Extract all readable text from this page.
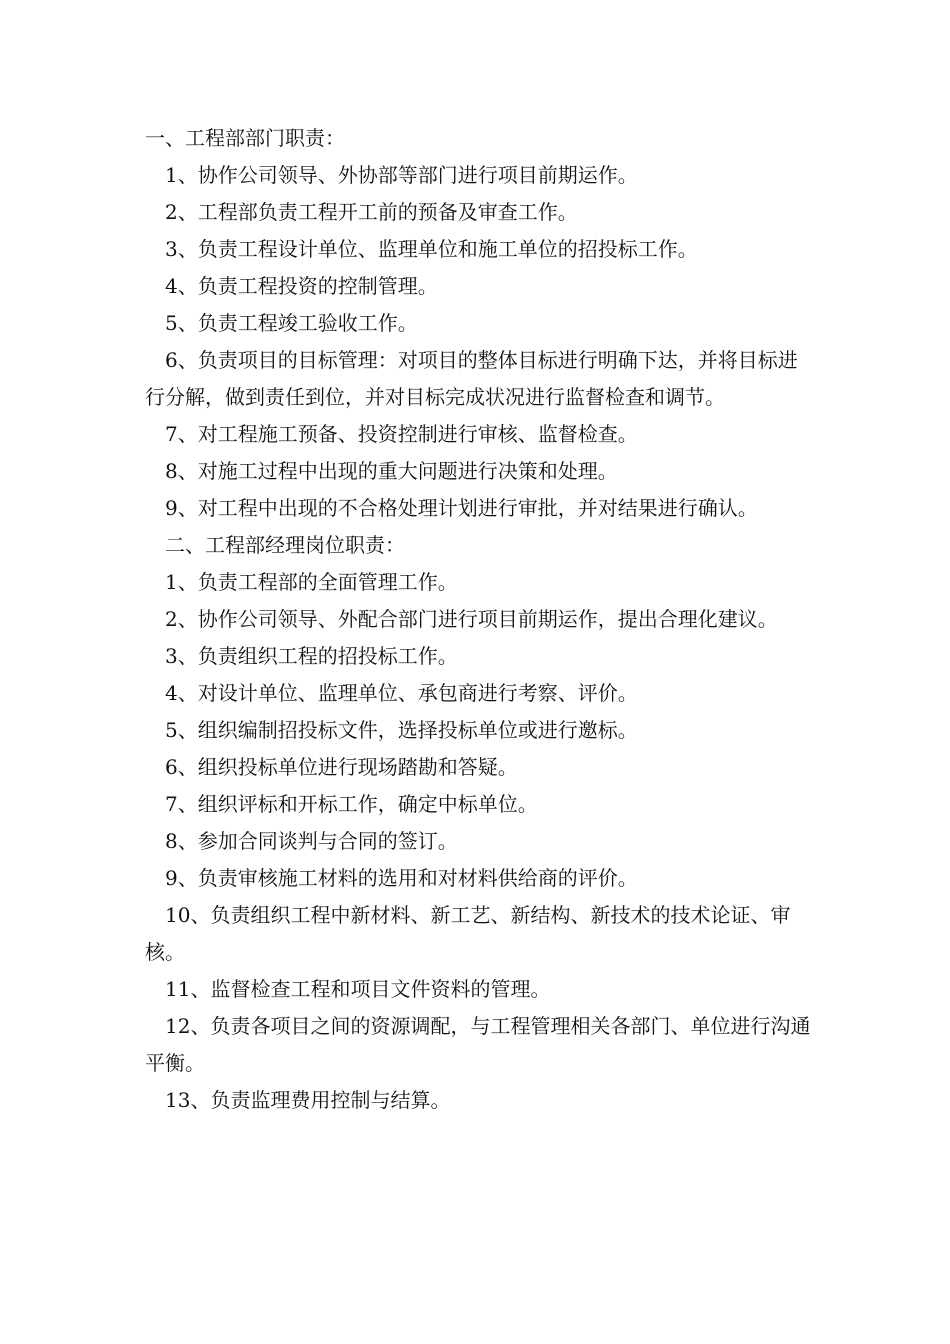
一、工程部部门职责：

1、协作公司领导、外协部等部门进行项目前期运作。

2、工程部负责工程开工前的预备及审查工作。

3、负责工程设计单位、监理单位和施工单位的招投标工作。

4、负责工程投资的控制管理。

5、负责工程竣工验收工作。

6、负责项目的目标管理：对项目的整体目标进行明确下达，并将目标进行分解，做到责任到位，并对目标完成状况进行监督检查和调节。

7、对工程施工预备、投资控制进行审核、监督检查。

8、对施工过程中出现的重大问题进行决策和处理。

9、对工程中出现的不合格处理计划进行审批，并对结果进行确认。

二、工程部经理岗位职责：

1、负责工程部的全面管理工作。

2、协作公司领导、外配合部门进行项目前期运作，提出合理化建议。

3、负责组织工程的招投标工作。

4、对设计单位、监理单位、承包商进行考察、评价。

5、组织编制招投标文件，选择投标单位或进行邀标。

6、组织投标单位进行现场踏勘和答疑。

7、组织评标和开标工作，确定中标单位。

8、参加合同谈判与合同的签订。

9、负责审核施工材料的选用和对材料供给商的评价。

10、负责组织工程中新材料、新工艺、新结构、新技术的技术论证、审核。

11、监督检查工程和项目文件资料的管理。

12、负责各项目之间的资源调配，与工程管理相关各部门、单位进行沟通平衡。

13、负责监理费用控制与结算。
